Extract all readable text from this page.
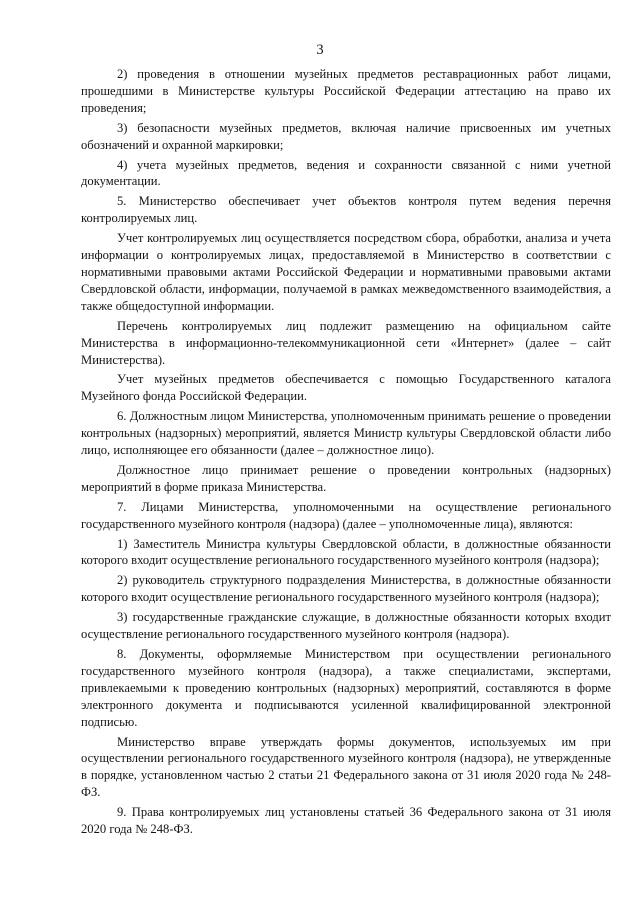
3

2) проведения в отношении музейных предметов реставрационных работ лицами, прошедшими в Министерстве культуры Российской Федерации аттестацию на право их проведения;

3) безопасности музейных предметов, включая наличие присвоенных им учетных обозначений и охранной маркировки;

4) учета музейных предметов, ведения и сохранности связанной с ними учетной документации.

5. Министерство обеспечивает учет объектов контроля путем ведения перечня контролируемых лиц.

Учет контролируемых лиц осуществляется посредством сбора, обработки, анализа и учета информации о контролируемых лицах, предоставляемой в Министерство в соответствии с нормативными правовыми актами Российской Федерации и нормативными правовыми актами Свердловской области, информации, получаемой в рамках межведомственного взаимодействия, а также общедоступной информации.

Перечень контролируемых лиц подлежит размещению на официальном сайте Министерства в информационно-телекоммуникационной сети «Интернет» (далее – сайт Министерства).

Учет музейных предметов обеспечивается с помощью Государственного каталога Музейного фонда Российской Федерации.

6. Должностным лицом Министерства, уполномоченным принимать решение о проведении контрольных (надзорных) мероприятий, является Министр культуры Свердловской области либо лицо, исполняющее его обязанности (далее – должностное лицо).

Должностное лицо принимает решение о проведении контрольных (надзорных) мероприятий в форме приказа Министерства.

7. Лицами Министерства, уполномоченными на осуществление регионального государственного музейного контроля (надзора) (далее – уполномоченные лица), являются:

1) Заместитель Министра культуры Свердловской области, в должностные обязанности которого входит осуществление регионального государственного музейного контроля (надзора);

2) руководитель структурного подразделения Министерства, в должностные обязанности которого входит осуществление регионального государственного музейного контроля (надзора);

3) государственные гражданские служащие, в должностные обязанности которых входит осуществление регионального государственного музейного контроля (надзора).

8. Документы, оформляемые Министерством при осуществлении регионального государственного музейного контроля (надзора), а также специалистами, экспертами, привлекаемыми к проведению контрольных (надзорных) мероприятий, составляются в форме электронного документа и подписываются усиленной квалифицированной электронной подписью.

Министерство вправе утверждать формы документов, используемых им при осуществлении регионального государственного музейного контроля (надзора), не утвержденные в порядке, установленном частью 2 статьи 21 Федерального закона от 31 июля 2020 года № 248-ФЗ.

9. Права контролируемых лиц установлены статьей 36 Федерального закона от 31 июля 2020 года № 248-ФЗ.
